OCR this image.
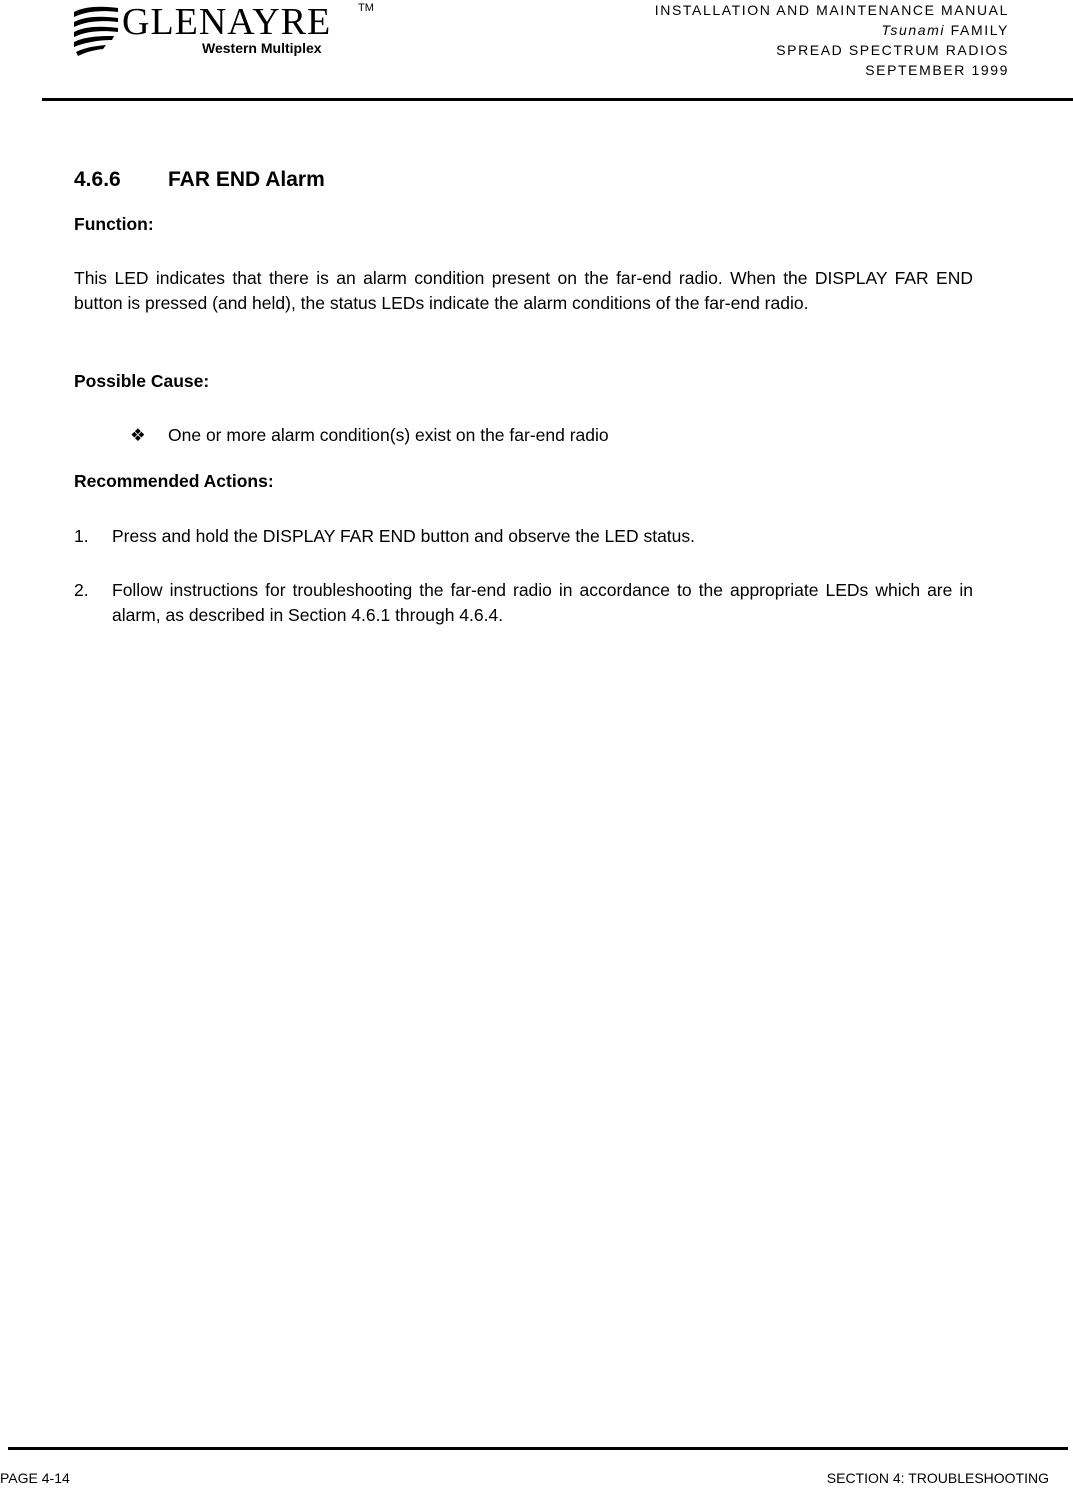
GLENAYRE TM
Western Multiplex
INSTALLATION AND MAINTENANCE MANUAL
Tsunami FAMILY
SPREAD SPECTRUM RADIOS
SEPTEMBER 1999
4.6.6 FAR END Alarm
Function:
This LED indicates that there is an alarm condition present on the far-end radio. When the DISPLAY FAR END button is pressed (and held), the status LEDs indicate the alarm conditions of the far-end radio.
Possible Cause:
❖ One or more alarm condition(s) exist on the far-end radio
Recommended Actions:
1. Press and hold the DISPLAY FAR END button and observe the LED status.
2. Follow instructions for troubleshooting the far-end radio in accordance to the appropriate LEDs which are in alarm, as described in Section 4.6.1 through 4.6.4.
PAGE 4-14	SECTION 4: TROUBLESHOOTING
